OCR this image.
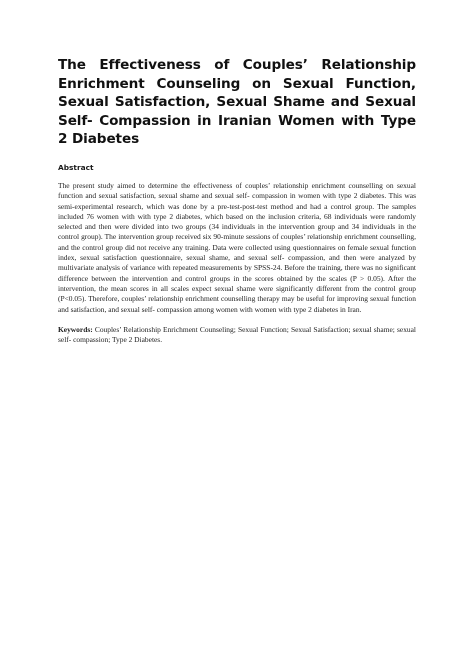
The Effectiveness of Couples’ Relationship Enrichment Counseling on Sexual Function, Sexual Satisfaction, Sexual Shame and Sexual Self- Compassion in Iranian Women with Type 2 Diabetes
Abstract

The present study aimed to determine the effectiveness of couples’ relationship enrichment counselling on sexual function and sexual satisfaction, sexual shame and sexual self- compassion in women with type 2 diabetes. This was semi-experimental research, which was done by a pre-test-post-test method and had a control group. The samples included 76 women with with type 2 diabetes, which based on the inclusion criteria, 68 individuals were randomly selected and then were divided into two groups (34 individuals in the intervention group and 34 individuals in the control group). The intervention group received six 90-minute sessions of couples’ relationship enrichment counselling, and the control group did not receive any training. Data were collected using questionnaires on female sexual function index, sexual satisfaction questionnaire, sexual shame, and sexual self- compassion, and then were analyzed by multivariate analysis of variance with repeated measurements by SPSS-24. Before the training, there was no significant difference between the intervention and control groups in the scores obtained by the scales (P > 0.05). After the intervention, the mean scores in all scales expect sexual shame were significantly different from the control group (P<0.05). Therefore, couples’ relationship enrichment counselling therapy may be useful for improving sexual function and satisfaction, and sexual self- compassion among women with women with type 2 diabetes in Iran.

Keywords: Couples’ Relationship Enrichment Counseling; Sexual Function; Sexual Satisfaction; sexual shame; sexual self- compassion; Type 2 Diabetes.
